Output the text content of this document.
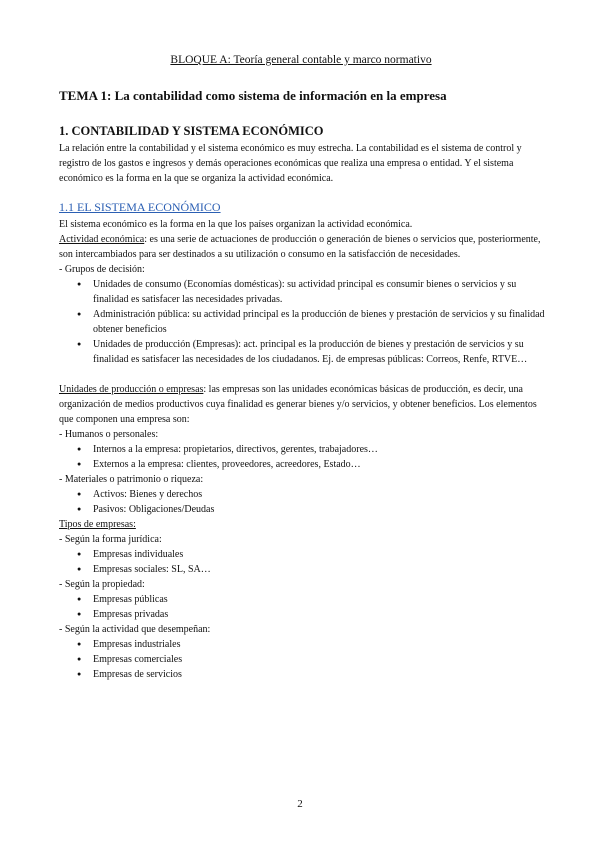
BLOQUE A: Teoría general contable y marco normativo
TEMA 1: La contabilidad como sistema de información en la empresa
1. CONTABILIDAD Y SISTEMA ECONÓMICO

La relación entre la contabilidad y el sistema económico es muy estrecha. La contabilidad es el sistema de control y registro de los gastos e ingresos y demás operaciones económicas que realiza una empresa o entidad. Y el sistema económico es la forma en la que se organiza la actividad económica.

1.1 EL SISTEMA ECONÓMICO

El sistema económico es la forma en la que los países organizan la actividad económica.

Actividad económica: es una serie de actuaciones de producción o generación de bienes o servicios que, posteriormente, son intercambiados para ser destinados a su utilización o consumo en la satisfacción de necesidades.

- Grupos de decisión:

● Unidades de consumo (Economías domésticas): su actividad principal es consumir bienes o servicios y su finalidad es satisfacer las necesidades privadas.
● Administración pública: su actividad principal es la producción de bienes y prestación de servicios y su finalidad obtener beneficios
● Unidades de producción (Empresas): act. principal es la producción de bienes y prestación de servicios y su finalidad es satisfacer las necesidades de los ciudadanos. Ej. de empresas públicas: Correos, Renfe, RTVE…

Unidades de producción o empresas: las empresas son las unidades económicas básicas de producción, es decir, una organización de medios productivos cuya finalidad es generar bienes y/o servicios, y obtener beneficios. Los elementos que componen una empresa son:

- Humanos o personales:

● Internos a la empresa: propietarios, directivos, gerentes, trabajadores…
● Externos a la empresa: clientes, proveedores, acreedores, Estado…

- Materiales o patrimonio o riqueza:

● Activos: Bienes y derechos
● Pasivos: Obligaciones/Deudas

Tipos de empresas:

- Según la forma jurídica:

● Empresas individuales
● Empresas sociales: SL, SA…

- Según la propiedad:

● Empresas públicas
● Empresas privadas

- Según la actividad que desempeñan:

● Empresas industriales
● Empresas comerciales
● Empresas de servicios
2
